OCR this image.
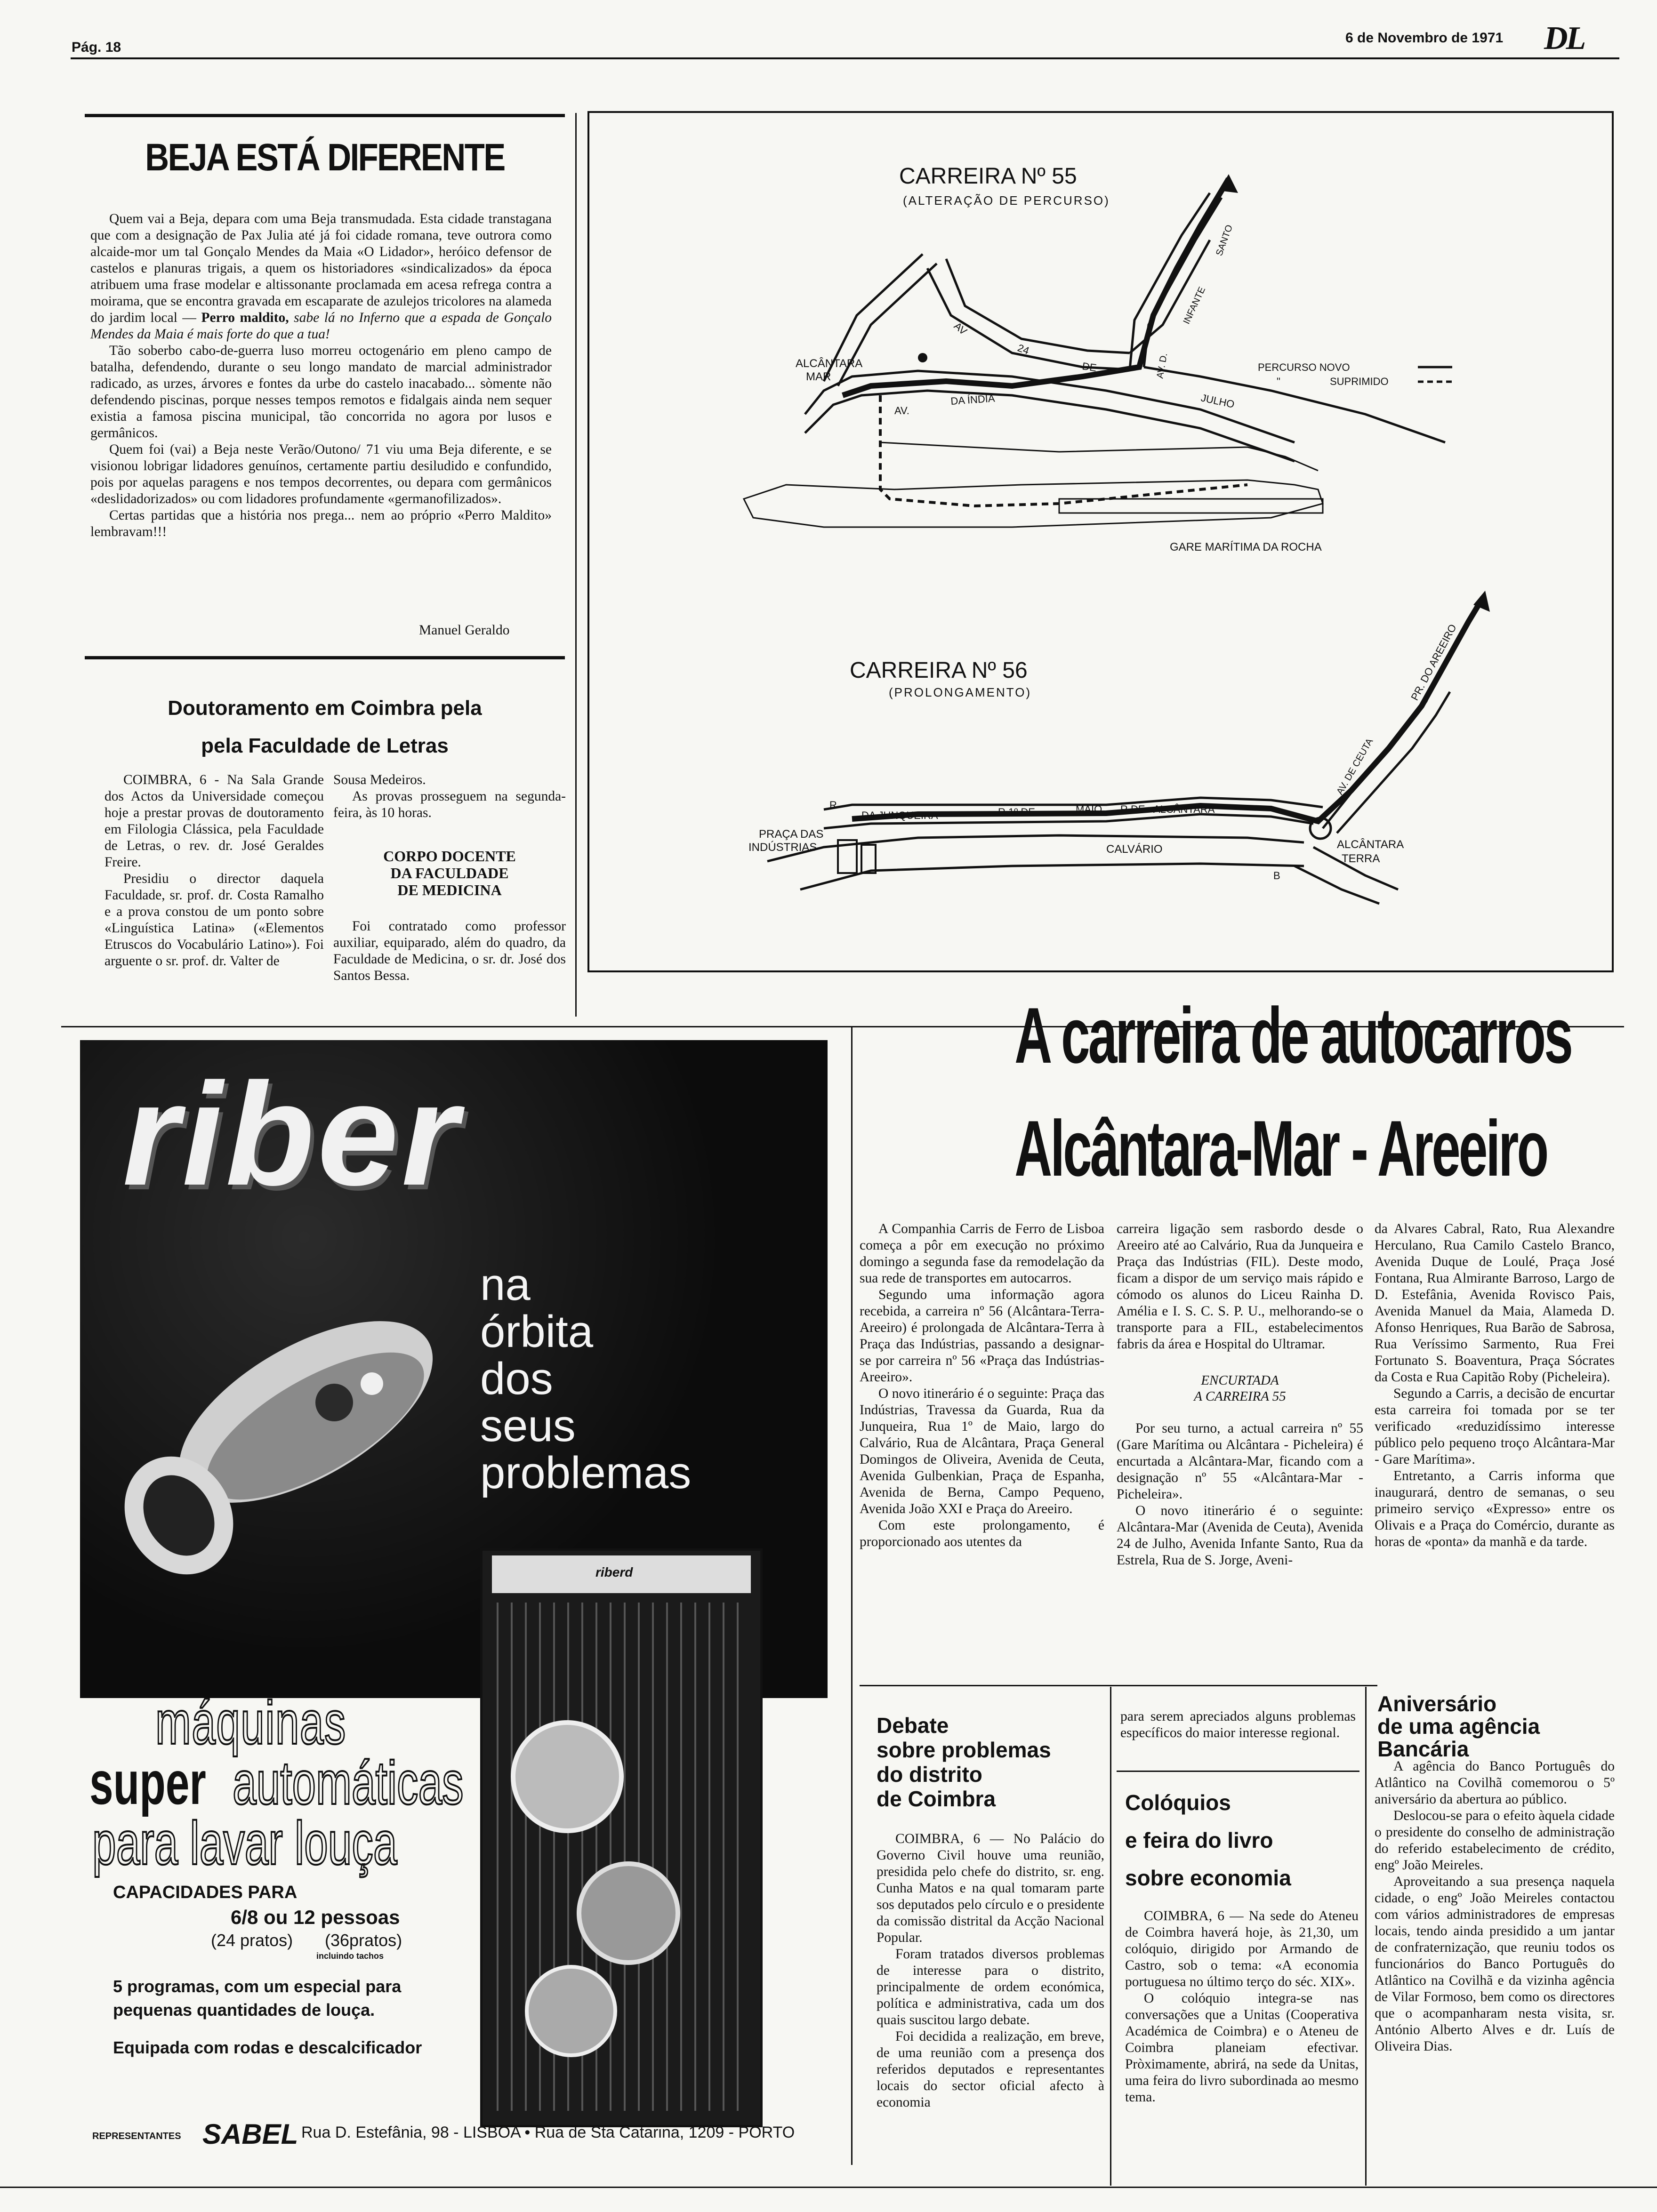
Pág. 18
6 de Novembro de 1971 DL
BEJA ESTÁ DIFERENTE

Quem vai a Beja, depara com uma Beja transmudada. Esta cidade transtagana que com a designação de Pax Julia até já foi cidade romana, teve outrora como alcaide-mor um tal Gonçalo Mendes da Maia «O Lidador», heróico defensor de castelos e planuras trigais, a quem os historiadores «sindicalizados» da época atribuem uma frase modelar e altissonante proclamada em acesa refrega contra a moirama, que se encontra gravada em escaparate de azulejos tricolores na alameda do jardim local — Perro maldito, sabe lá no Inferno que a espada de Gonçalo Mendes da Maia é mais forte do que a tua!

Tão soberbo cabo-de-guerra luso morreu octogenário em pleno campo de batalha, defendendo, durante o seu longo mandato de marcial administrador radicado, as urzes, árvores e fontes da urbe do castelo inacabado... sòmente não defendendo piscinas, porque nesses tempos remotos e fidalgais ainda nem sequer existia a famosa piscina municipal, tão concorrida no agora por lusos e germânicos.

Quem foi (vai) a Beja neste Verão/Outono/ 71 viu uma Beja diferente, e se visionou lobrigar lidadores genuínos, certamente partiu desiludido e confundido, pois por aquelas paragens e nos tempos decorrentes, ou depara com germânicos «deslidadorizados» ou com lidadores profundamente «germanofilizados».

Certas partidas que a história nos prega... nem ao próprio «Perro Maldito» lembravam!!!

Manuel Geraldo
Doutoramento em Coimbra pela
pela Faculdade de Letras

COIMBRA, 6 - Na Sala Grande dos Actos da Universidade começou hoje a prestar provas de doutoramento em Filologia Clássica, pela Faculdade de Letras, o rev. dr. José Geraldes Freire.

Presidiu o director daquela Faculdade, sr. prof. dr. Costa Ramalho e a prova constou de um ponto sobre «Linguística Latina» («Elementos Etruscos do Vocabulário Latino»). Foi arguente o sr. prof. dr. Valter de

Sousa Medeiros.

As provas prosseguem na segunda-feira, às 10 horas.

CORPO DOCENTE
DA FACULDADE
DE MEDICINA

Foi contratado como professor auxiliar, equiparado, além do quadro, da Faculdade de Medicina, o sr. dr. José dos Santos Bessa.

CARREIRA Nº 55
(ALTERAÇÃO DE PERCURSO)
ALCÂNTARA
MAR
AV.
DA ÍNDIA
AV
24
DE
JULHO
AV. D.
INFANTE
SANTO
PERCURSO NOVO
"	SUPRIMIDO
GARE MARÍTIMA DA ROCHA
CARREIRA Nº 56
(PROLONGAMENTO)
R
DA JUNQUEIRA	R 1º DE	MAIO R DE ALCÂNTARA
PRAÇA DAS
INDÚSTRIAS	CALVÁRIO	ALCÂNTARA
TERRA
AV. DE CEUTA
PR. DO AREEIRO
B
riber
na
órbita
dos
seus
problemas
riberd
máquinas
super automáticas
para lavar louça
CAPACIDADES PARA
6/8 ou 12 pessoas
(24 pratos) (36pratos)
incluindo tachos
5 programas, com um especial para
pequenas quantidades de louça.
Equipada com rodas e descalcificador
REPRESENTANTES SABEL Rua D. Estefânia, 98 - LISBOA • Rua de Sta Catarina, 1209 - PORTO
A carreira de autocarros
Alcântara-Mar - Areeiro

A Companhia Carris de Ferro de Lisboa começa a pôr em execução no próximo domingo a segunda fase da remodelação da sua rede de transportes em autocarros.

Segundo uma informação agora recebida, a carreira nº 56 (Alcântara-Terra-Areeiro) é prolongada de Alcântara-Terra à Praça das Indústrias, passando a designar-se por carreira nº 56 «Praça das Indústrias-Areeiro».

O novo itinerário é o seguinte: Praça das Indústrias, Travessa da Guarda, Rua da Junqueira, Rua 1º de Maio, largo do Calvário, Rua de Alcântara, Praça General Domingos de Oliveira, Avenida de Ceuta, Avenida Gulbenkian, Praça de Espanha, Avenida de Berna, Campo Pequeno, Avenida João XXI e Praça do Areeiro.

Com este prolongamento, é proporcionado aos utentes da

carreira ligação sem rasbordo desde o Areeiro até ao Calvário, Rua da Junqueira e Praça das Indústrias (FIL). Deste modo, ficam a dispor de um serviço mais rápido e cómodo os alunos do Liceu Rainha D. Amélia e I. S. C. S. P. U., melhorando-se o transporte para a FIL, estabelecimentos fabris da área e Hospital do Ultramar.

ENCURTADA
A CARREIRA 55

Por seu turno, a actual carreira nº 55 (Gare Marítima ou Alcântara - Picheleira) é encurtada a Alcântara-Mar, ficando com a designação nº 55 «Alcântara-Mar - Picheleira».

O novo itinerário é o seguinte: Alcântara-Mar (Avenida de Ceuta), Avenida 24 de Julho, Avenida Infante Santo, Rua da Estrela, Rua de S. Jorge, Aveni-

da Alvares Cabral, Rato, Rua Alexandre Herculano, Rua Camilo Castelo Branco, Avenida Duque de Loulé, Praça José Fontana, Rua Almirante Barroso, Largo de D. Estefânia, Avenida Rovisco Pais, Avenida Manuel da Maia, Alameda D. Afonso Henriques, Rua Barão de Sabrosa, Rua Veríssimo Sarmento, Rua Frei Fortunato S. Boaventura, Praça Sócrates da Costa e Rua Capitão Roby (Picheleira).

Segundo a Carris, a decisão de encurtar esta carreira foi tomada por se ter verificado «reduzidíssimo interesse público pelo pequeno troço Alcântara-Mar - Gare Marítima».

Entretanto, a Carris informa que inaugurará, dentro de semanas, o seu primeiro serviço «Expresso» entre os Olivais e a Praça do Comércio, durante as horas de «ponta» da manhã e da tarde.

Debate
sobre problemas
do distrito
de Coimbra

COIMBRA, 6 — No Palácio do Governo Civil houve uma reunião, presidida pelo chefe do distrito, sr. eng. Cunha Matos e na qual tomaram parte sos deputados pelo círculo e o presidente da comissão distrital da Acção Nacional Popular.

Foram tratados diversos problemas de interesse para o distrito, principalmente de ordem económica, política e administrativa, cada um dos quais suscitou largo debate.

Foi decidida a realização, em breve, de uma reunião com a presença dos referidos deputados e representantes locais do sector oficial afecto à economia

para serem apreciados alguns problemas específicos do maior interesse regional.

Colóquios
e feira do livro
sobre economia

COIMBRA, 6 — Na sede do Ateneu de Coimbra haverá hoje, às 21,30, um colóquio, dirigido por Armando de Castro, sob o tema: «A economia portuguesa no último terço do séc. XIX».

O colóquio integra-se nas conversações que a Unitas (Cooperativa Académica de Coimbra) e o Ateneu de Coimbra planeiam efectivar. Pròximamente, abrirá, na sede da Unitas, uma feira do livro subordinada ao mesmo tema.

Aniversário
de uma agência
Bancária

A agência do Banco Português do Atlântico na Covilhã comemorou o 5º aniversário da abertura ao público.

Deslocou-se para o efeito àquela cidade o presidente do conselho de administração do referido estabelecimento de crédito, engº João Meireles.

Aproveitando a sua presença naquela cidade, o engº João Meireles contactou com vários administradores de empresas locais, tendo ainda presidido a um jantar de confraternização, que reuniu todos os funcionários do Banco Português do Atlântico na Covilhã e da vizinha agência de Vilar Formoso, bem como os directores que o acompanharam nesta visita, sr. António Alberto Alves e dr. Luís de Oliveira Dias.
